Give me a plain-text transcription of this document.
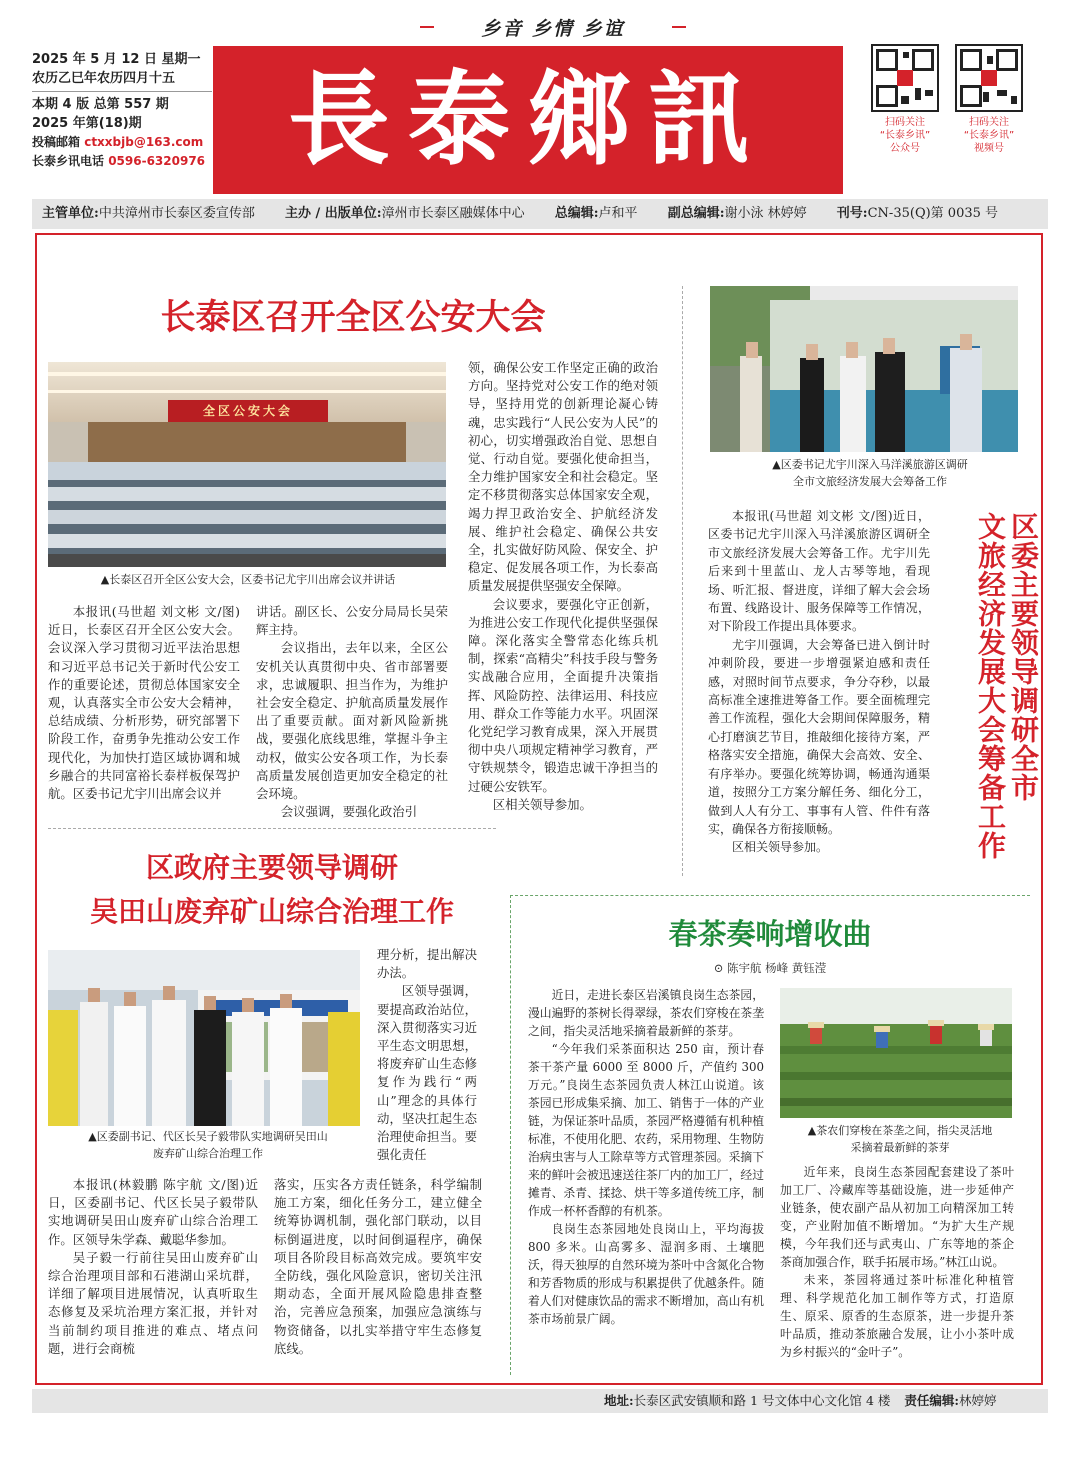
乡音 乡情 乡谊
2025 年 5 月 12 日 星期一
农历乙巳年农历四月十五
本期 4 版 总第 557 期
2025 年第(18)期
投稿邮箱 ctxxbjb@163.com
长泰乡讯电话 0596-6320976 長泰鄉訊	扫码关注
“长泰乡讯”
公众号
扫码关注
“长泰乡讯”
视频号
主管单位:中共漳州市长泰区委宣传部 主办 / 出版单位:漳州市长泰区融媒体中心 总编辑:卢和平 副总编辑:谢小泳 林婷婷 刊号:CN-35(Q)第 0035 号
长泰区召开全区公安大会
全区公安大会
▲长泰区召开全区公安大会，区委书记尤宇川出席会议并讲话

本报讯(马世超 刘文彬 文/图)近日，长泰区召开全区公安大会。会议深入学习贯彻习近平法治思想和习近平总书记关于新时代公安工作的重要论述，贯彻总体国家安全观，认真落实全市公安大会精神，总结成绩、分析形势，研究部署下阶段工作，奋勇争先推动公安工作现代化，为加快打造区域协调和城乡融合的共同富裕长泰样板保驾护航。区委书记尤宇川出席会议并

讲话。副区长、公安分局局长吴荣辉主持。

会议指出，去年以来，全区公安机关认真贯彻中央、省市部署要求，忠诚履职、担当作为，为维护社会安全稳定、护航高质量发展作出了重要贡献。面对新风险新挑战，要强化底线思维，掌握斗争主动权，做实公安各项工作，为长泰高质量发展创造更加安全稳定的社会环境。

会议强调，要强化政治引

领，确保公安工作坚定正确的政治方向。坚持党对公安工作的绝对领导，坚持用党的创新理论凝心铸魂，忠实践行“人民公安为人民”的初心，切实增强政治自觉、思想自觉、行动自觉。要强化使命担当，全力维护国家安全和社会稳定。坚定不移贯彻落实总体国家安全观，竭力捍卫政治安全、护航经济发展、维护社会稳定、确保公共安全，扎实做好防风险、保安全、护稳定、促发展各项工作，为长泰高质量发展提供坚强安全保障。

会议要求，要强化守正创新，为推进公安工作现代化提供坚强保障。深化落实全警常态化练兵机制，探索“高精尖”科技手段与警务实战融合应用，全面提升决策指挥、风险防控、法律运用、科技应用、群众工作等能力水平。巩固深化党纪学习教育成果，深入开展贯彻中央八项规定精神学习教育，严守铁规禁令，锻造忠诚干净担当的过硬公安铁军。

区相关领导参加。

▲区委书记尤宇川深入马洋溪旅游区调研
全市文旅经济发展大会筹备工作
区委主要领导调研全市
文旅经济发展大会筹备工作

本报讯(马世超 刘文彬 文/图)近日，区委书记尤宇川深入马洋溪旅游区调研全市文旅经济发展大会筹备工作。尤宇川先后来到十里蓝山、龙人古琴等地，看现场、听汇报、督进度，详细了解大会会场布置、线路设计、服务保障等工作情况，对下阶段工作提出具体要求。

尤宇川强调，大会筹备已进入倒计时冲刺阶段，要进一步增强紧迫感和责任感，对照时间节点要求，争分夺秒，以最高标准全速推进筹备工作。要全面梳理完善工作流程，强化大会期间保障服务，精心打磨演艺节目，推敲细化接待方案，严格落实安全措施，确保大会高效、安全、有序举办。要强化统筹协调，畅通沟通渠道，按照分工方案分解任务、细化分工，做到人人有分工、事事有人管、件件有落实，确保各方衔接顺畅。

区相关领导参加。

区政府主要领导调研
吴田山废弃矿山综合治理工作
▲区委副书记、代区长吴子毅带队实地调研吴田山
废弃矿山综合治理工作

理分析，提出解决办法。

区领导强调，要提高政治站位，深入贯彻落实习近平生态文明思想，将废弃矿山生态修复作为践行“两山”理念的具体行动，坚决扛起生态治理使命担当。要强化责任

本报讯(林毅鹏 陈宇航 文/图)近日，区委副书记、代区长吴子毅带队实地调研吴田山废弃矿山综合治理工作。区领导朱学森、戴聪华参加。

吴子毅一行前往吴田山废弃矿山综合治理项目部和石港湖山采坑群，详细了解项目进展情况，认真听取生态修复及采坑治理方案汇报，并针对当前制约项目推进的难点、堵点问题，进行会商梳

落实，压实各方责任链条，科学编制施工方案，细化任务分工，建立健全统筹协调机制，强化部门联动，以目标倒逼进度，以时间倒逼程序，确保项目各阶段目标高效完成。要筑牢安全防线，强化风险意识，密切关注汛期动态，全面开展风险隐患排查整治，完善应急预案，加强应急演练与物资储备，以扎实举措守牢生态修复底线。

春茶奏响增收曲
⊙ 陈宇航 杨峰 黄钰滢

近日，走进长泰区岩溪镇良岗生态茶园，漫山遍野的茶树长得翠绿，茶农们穿梭在茶垄之间，指尖灵活地采摘着最新鲜的茶芽。

“今年我们采茶面积达 250 亩，预计春茶干茶产量 6000 至 8000 斤，产值约 300 万元。”良岗生态茶园负责人林江山说道。该茶园已形成集采摘、加工、销售于一体的产业链，为保证茶叶品质，茶园严格遵循有机种植标准，不使用化肥、农药，采用物理、生物防治病虫害与人工除草等方式管理茶园。采摘下来的鲜叶会被迅速送往茶厂内的加工厂，经过摊青、杀青、揉捻、烘干等多道传统工序，制作成一杯杯香醇的有机茶。

良岗生态茶园地处良岗山上，平均海拔 800 多米。山高雾多、湿润多雨、土壤肥沃，得天独厚的自然环境为茶叶中含氮化合物和芳香物质的形成与积累提供了优越条件。随着人们对健康饮品的需求不断增加，高山有机茶市场前景广阔。

▲茶农们穿梭在茶垄之间，指尖灵活地
采摘着最新鲜的茶芽

近年来，良岗生态茶园配套建设了茶叶加工厂、冷藏库等基础设施，进一步延伸产业链条，使农副产品从初加工向精深加工转变，产业附加值不断增加。“为扩大生产规模，今年我们还与武夷山、广东等地的茶企茶商加强合作，联手拓展市场。”林江山说。

未来，茶园将通过茶叶标准化种植管理、科学规范化加工制作等方式，打造原生、原采、原香的生态原茶，进一步提升茶叶品质，推动茶旅融合发展，让小小茶叶成为乡村振兴的“金叶子”。

地址:长泰区武安镇顺和路 1 号文体中心文化馆 4 楼 责任编辑:林婷婷
